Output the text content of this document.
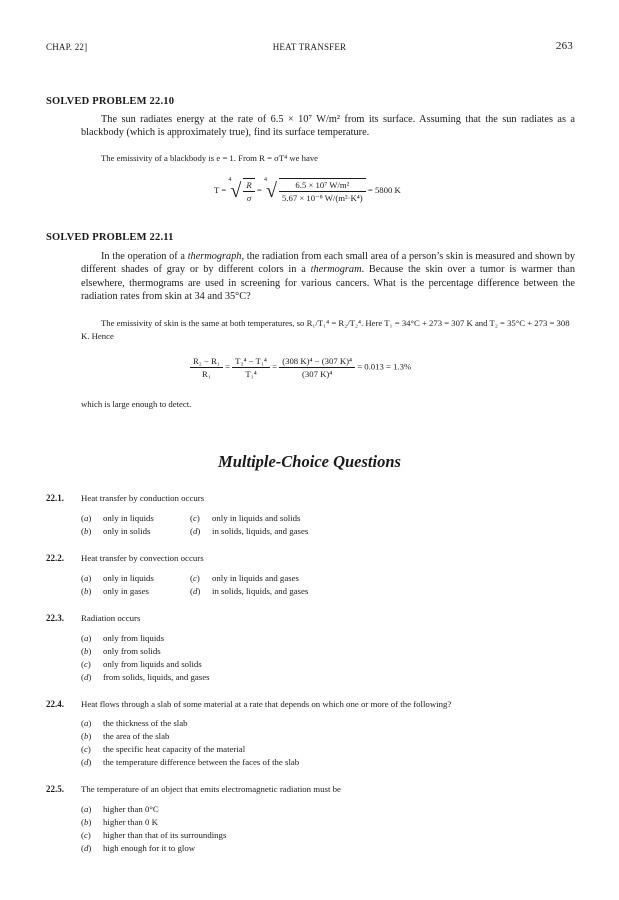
CHAP. 22]	HEAT TRANSFER	263
SOLVED PROBLEM 22.10
The sun radiates energy at the rate of 6.5 × 10⁷ W/m² from its surface. Assuming that the sun radiates as a blackbody (which is approximately true), find its surface temperature.
The emissivity of a blackbody is e = 1. From R = σT⁴ we have
T =
4 √ $\frac{R}{\sigma}$ =
4 √ $\frac{\text{6.5 × 10⁷ W/m²}}{\text{5.67 × 10⁻⁸ W/(m²·K⁴)}} = 5800$ K
SOLVED PROBLEM 22.11
In the operation of a thermograph, the radiation from each small area of a person’s skin is measured and shown by different shades of gray or by different colors in a thermogram. Because the skin over a tumor is warmer than elsewhere, thermograms are used in screening for various cancers. What is the percentage difference between the radiation rates from skin at 34 and 35°C?
The emissivity of skin is the same at both temperatures, so R₁/T₁⁴ = R₂/T₂⁴. Here T₁ = 34°C + 273 = 307 K and T₂ = 35°C + 273 = 308 K. Hence
$\frac{\text{R₂ − R₁}}{\text{R₁}} = \frac{\text{T₂⁴ − T₁⁴}}{\text{T₁⁴}} = \frac{\text{(308 K)⁴ − (307 K)⁴}}{\text{(307 K)⁴}} = 0.013 = 1.3\%$
which is large enough to detect.
Multiple-Choice Questions
22.1. Heat transfer by conduction occurs
(a) only in liquids
(b) only in solids
(c) only in liquids and solids
(d) in solids, liquids, and gases
22.2. Heat transfer by convection occurs
(a) only in liquids
(b) only in gases
(c) only in liquids and gases
(d) in solids, liquids, and gases
22.3. Radiation occurs
(a) only from liquids
(b) only from solids
(c) only from liquids and solids
(d) from solids, liquids, and gases
22.4. Heat flows through a slab of some material at a rate that depends on which one or more of the following?
(a) the thickness of the slab
(b) the area of the slab
(c) the specific heat capacity of the material
(d) the temperature difference between the faces of the slab
22.5. The temperature of an object that emits electromagnetic radiation must be
(a) higher than 0°C
(b) higher than 0 K
(c) higher than that of its surroundings
(d) high enough for it to glow
